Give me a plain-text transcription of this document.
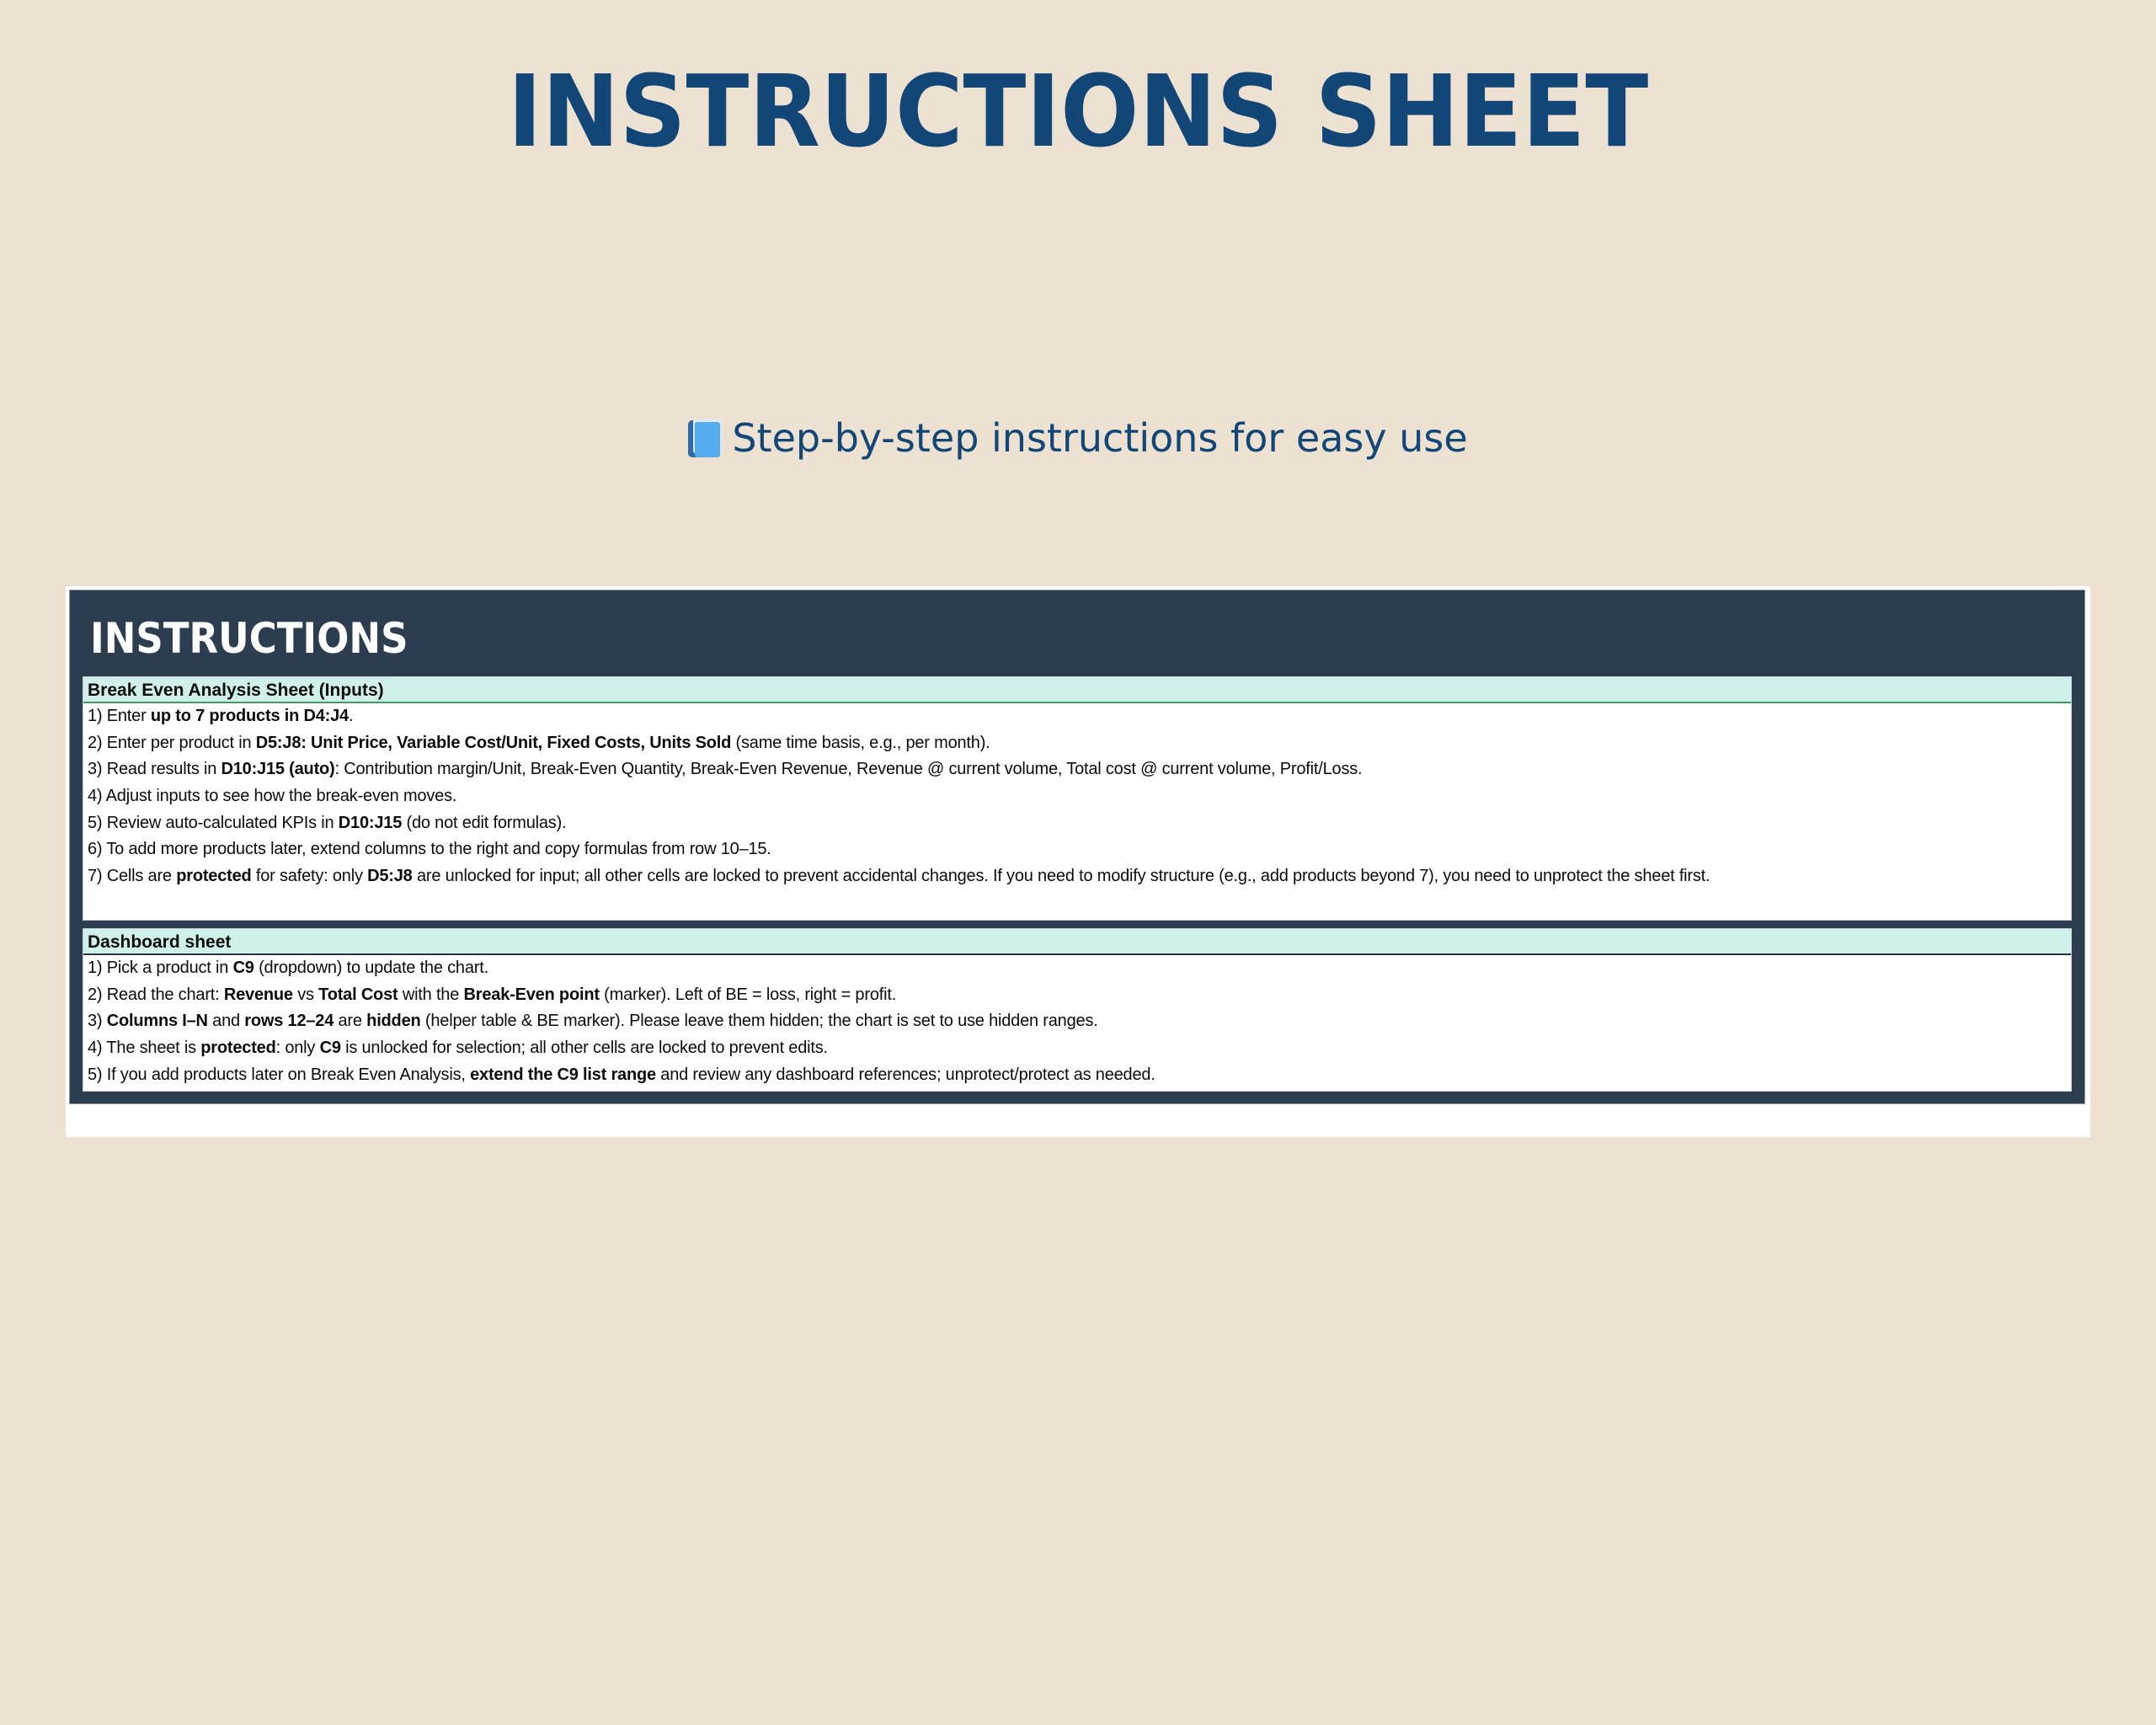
INSTRUCTIONS SHEET
Step-by-step instructions for easy use
INSTRUCTIONS
Break Even Analysis Sheet (Inputs)
1) Enter up to 7 products in D4:J4.
2) Enter per product in D5:J8: Unit Price, Variable Cost/Unit, Fixed Costs, Units Sold (same time basis, e.g., per month).
3) Read results in D10:J15 (auto): Contribution margin/Unit, Break-Even Quantity, Break-Even Revenue, Revenue @ current volume, Total cost @ current volume, Profit/Loss.
4) Adjust inputs to see how the break-even moves.
5) Review auto-calculated KPIs in D10:J15 (do not edit formulas).
6) To add more products later, extend columns to the right and copy formulas from row 10–15.
7) Cells are protected for safety: only D5:J8 are unlocked for input; all other cells are locked to prevent accidental changes. If you need to modify structure (e.g., add products beyond 7), you need to unprotect the sheet first.
Dashboard sheet
1) Pick a product in C9 (dropdown) to update the chart.
2) Read the chart: Revenue vs Total Cost with the Break-Even point (marker). Left of BE = loss, right = profit.
3) Columns I–N and rows 12–24 are hidden (helper table & BE marker). Please leave them hidden; the chart is set to use hidden ranges.
4) The sheet is protected: only C9 is unlocked for selection; all other cells are locked to prevent edits.
5) If you add products later on Break Even Analysis, extend the C9 list range and review any dashboard references; unprotect/protect as needed.
